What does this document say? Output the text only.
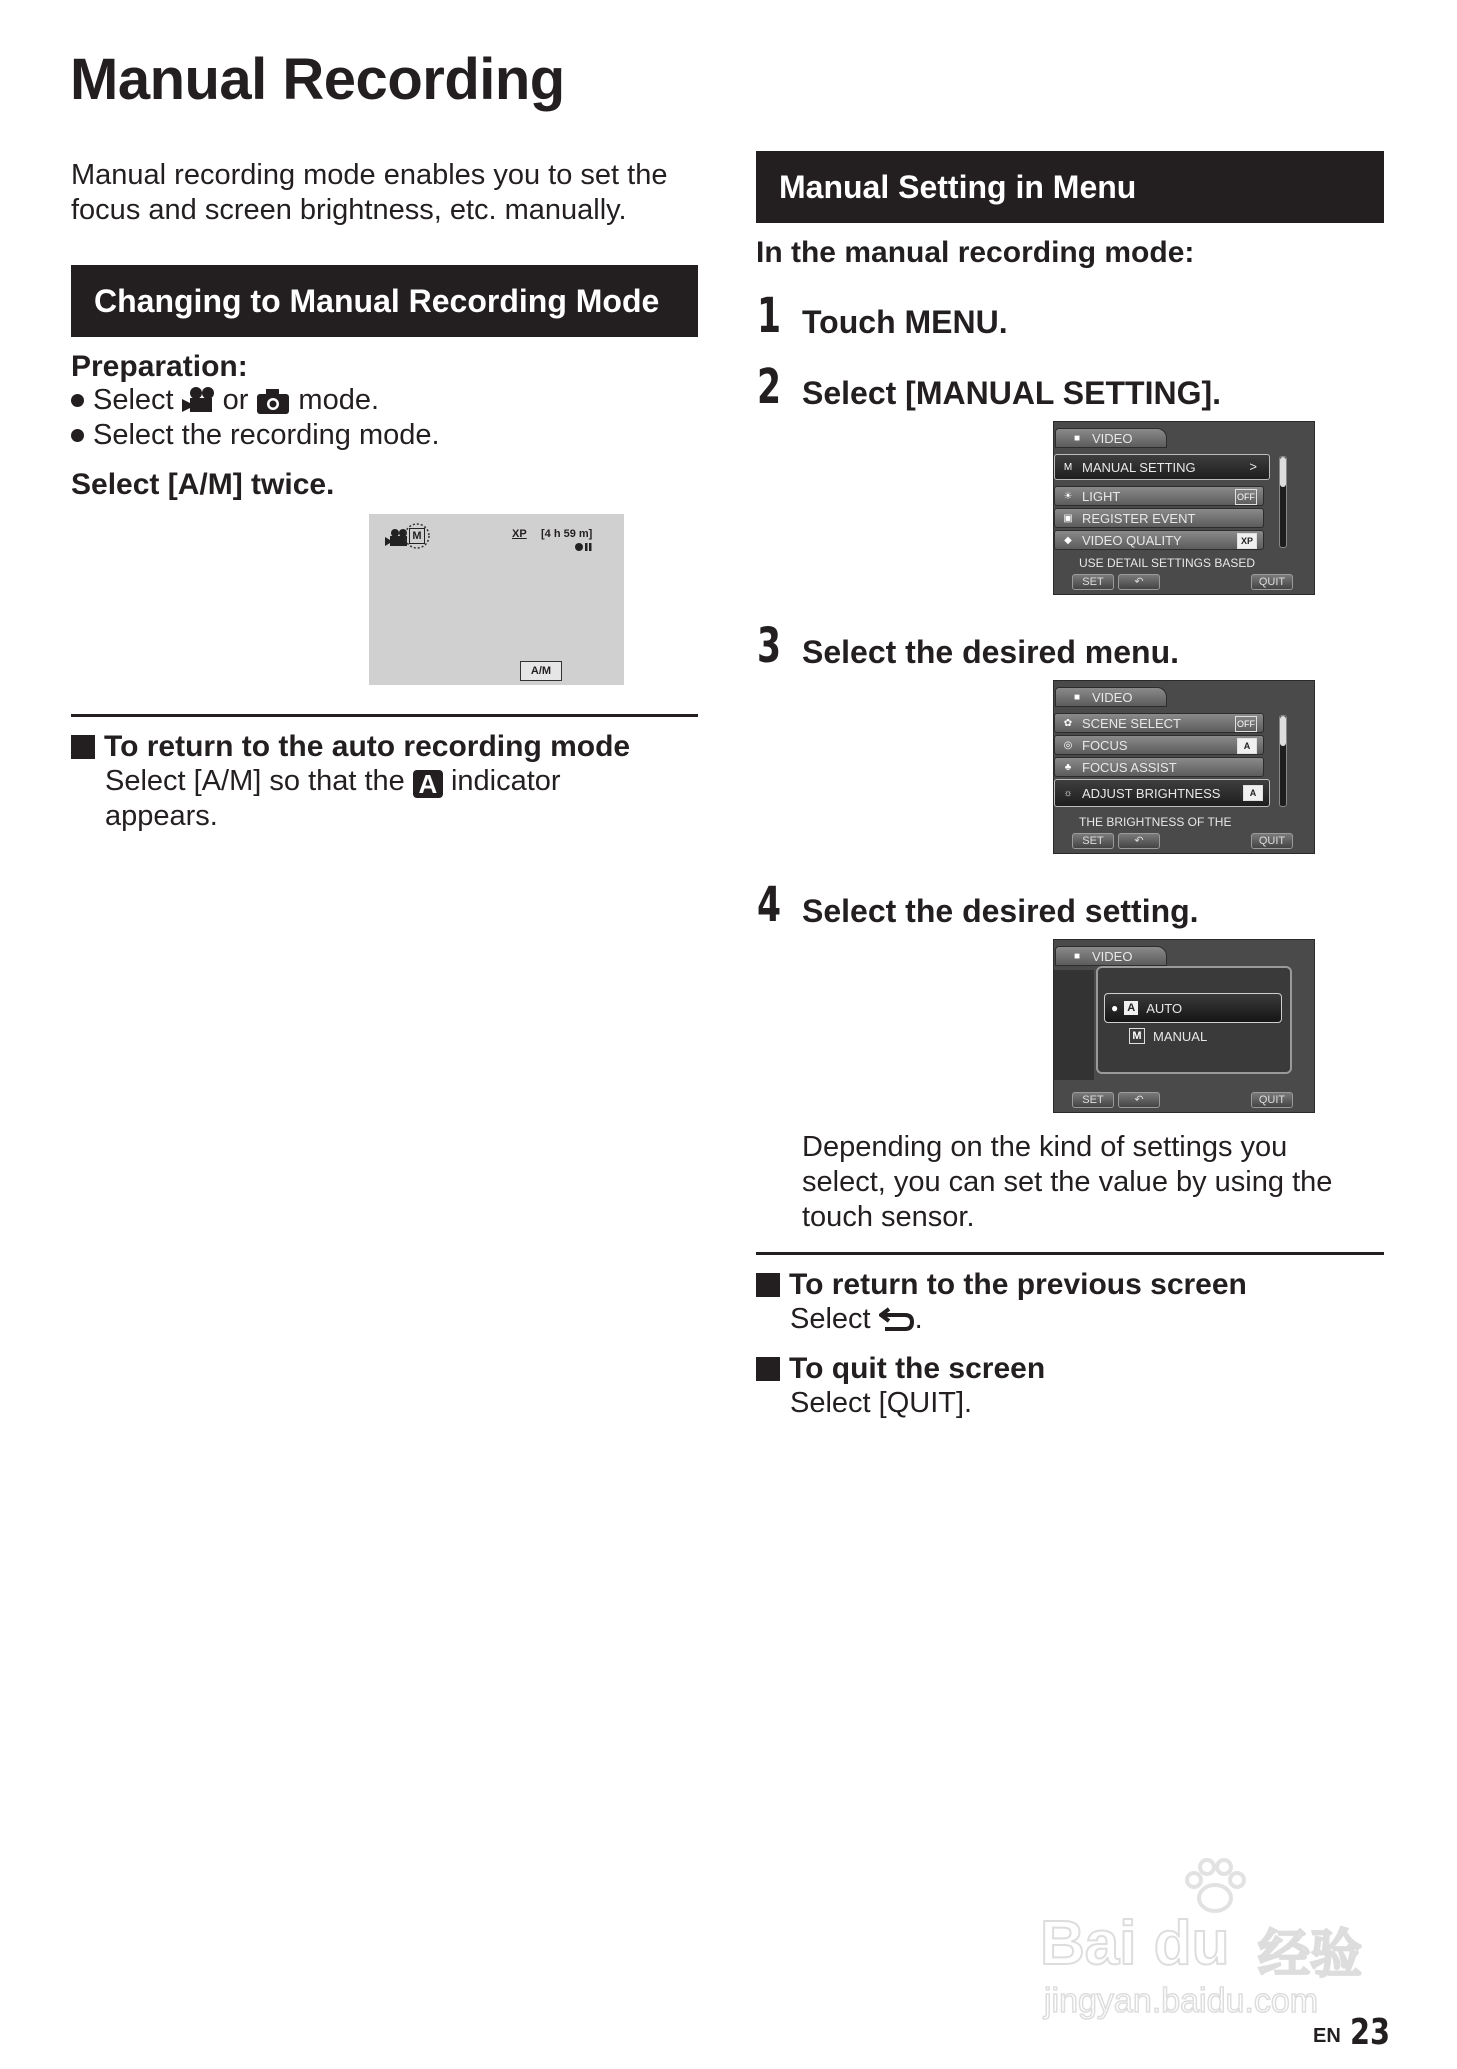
Manual Recording
Manual recording mode enables you to set the focus and screen brightness, etc. manually.
Changing to Manual Recording Mode
Preparation:
Select or mode.
Select the recording mode.
Select [A/M] twice.
M	XP [4 h 59 m]
A/M
To return to the auto recording mode
Select [A/M] so that the A indicator appears.
Manual Setting in Menu
In the manual recording mode:
1 Touch MENU.
2 Select [MANUAL SETTING].
■ VIDEO
M MANUAL SETTING	>
☀ LIGHT	OFF
▣ REGISTER EVENT
◆ VIDEO QUALITY	XP
USE DETAIL SETTINGS BASED
SET	↶	QUIT
3 Select the desired menu.
■ VIDEO
✿ SCENE SELECT	OFF
◎ FOCUS	A
♣ FOCUS ASSIST
☼ ADJUST BRIGHTNESS	A
THE BRIGHTNESS OF THE
SET	↶	QUIT
4 Select the desired setting.
■ VIDEO
● A AUTO
M MANUAL
SET	↶	QUIT
Depending on the kind of settings you select, you can set the value by using the touch sensor.
To return to the previous screen
Select .
To quit the screen
Select [QUIT].
Bai du 经验
jingyan.baidu.com
EN 23
